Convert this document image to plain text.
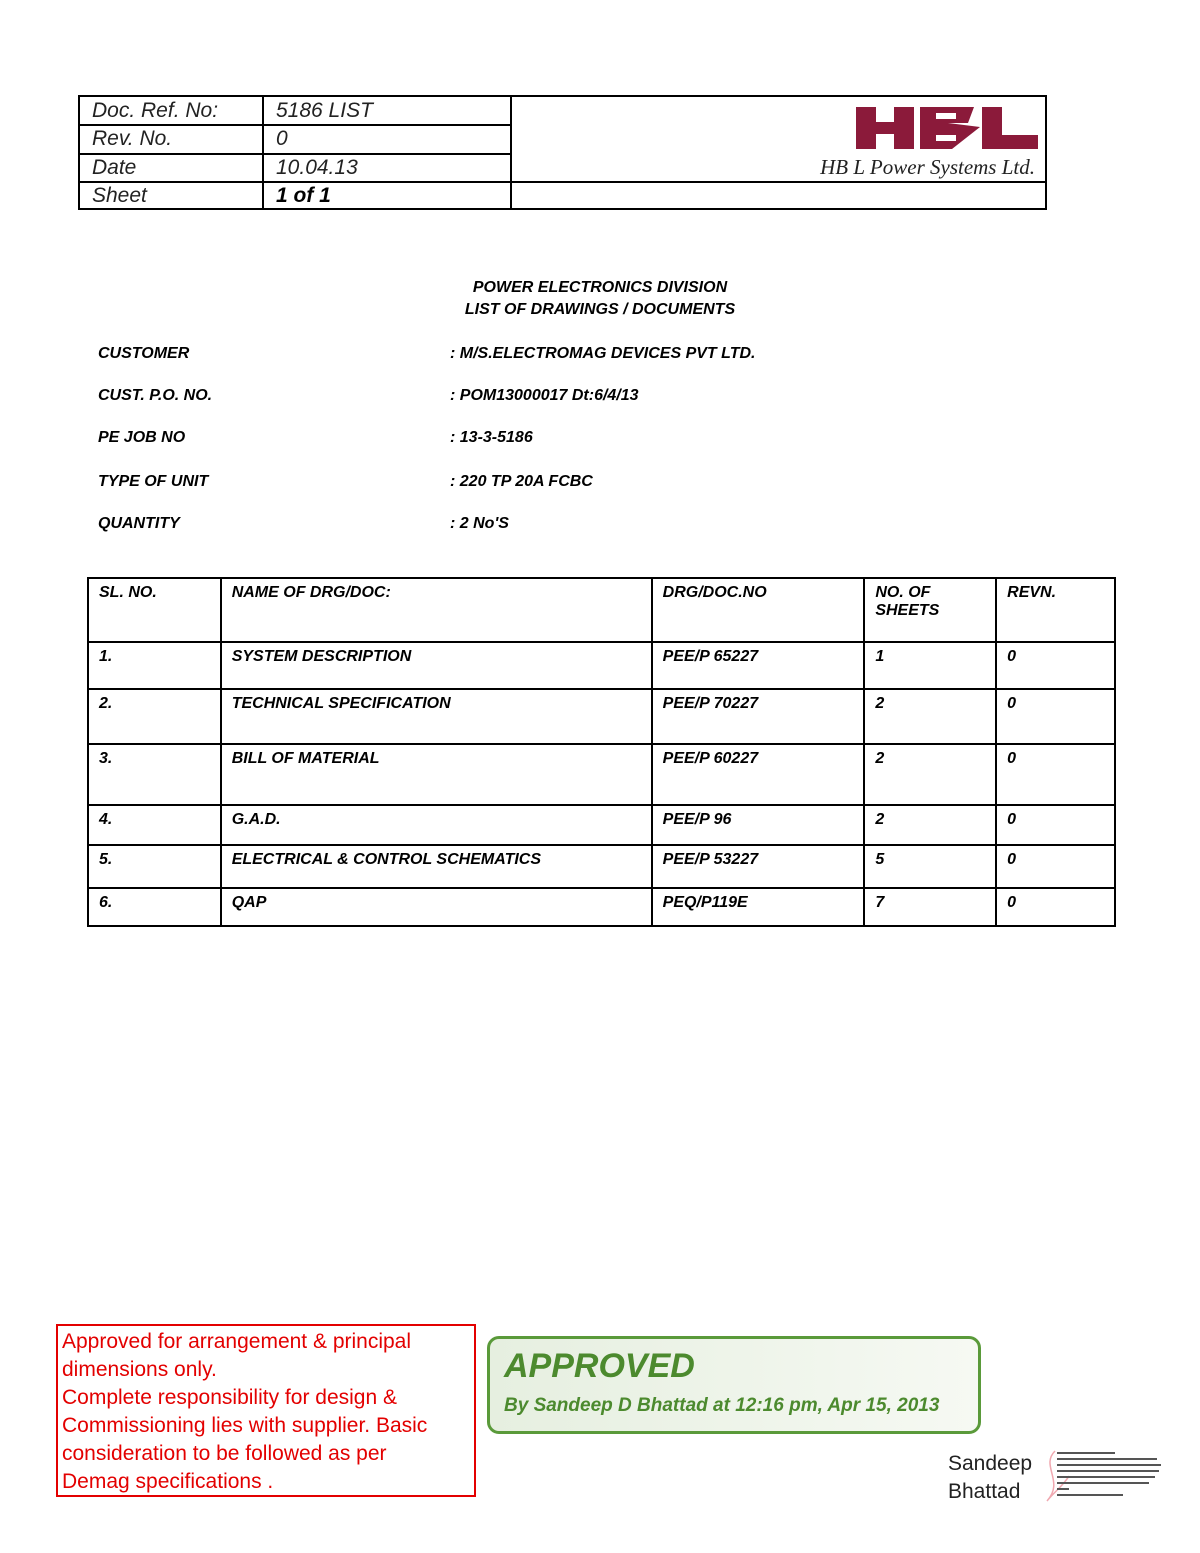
Doc. Ref. No:	5186 LIST
Rev. No.	0
Date	10.04.13
Sheet	1 of 1
HB L Power Systems Ltd.
POWER ELECTRONICS DIVISION
LIST OF DRAWINGS / DOCUMENTS
CUSTOMER	: M/S.ELECTROMAG DEVICES PVT LTD.
CUST. P.O. NO.	: POM13000017 Dt:6/4/13
PE JOB NO	: 13-3-5186
TYPE OF UNIT	: 220 TP 20A FCBC
QUANTITY	: 2 No'S
SL. NO.	NAME OF DRG/DOC:	DRG/DOC.NO	NO. OF SHEETS	REVN.
1.	SYSTEM DESCRIPTION	PEE/P 65227	1	0
2.	TECHNICAL SPECIFICATION	PEE/P 70227	2	0
3.	BILL OF MATERIAL	PEE/P 60227	2	0
4.	G.A.D.	PEE/P 96	2	0
5.	ELECTRICAL & CONTROL SCHEMATICS	PEE/P 53227	5	0
6.	QAP	PEQ/P119E	7	0
Approved for arrangement & principal
dimensions only.
Complete responsibility for design &
Commissioning lies with supplier. Basic
consideration to be followed as per
Demag specifications .
APPROVED
By Sandeep D Bhattad at 12:16 pm, Apr 15, 2013
Sandeep
Bhattad
